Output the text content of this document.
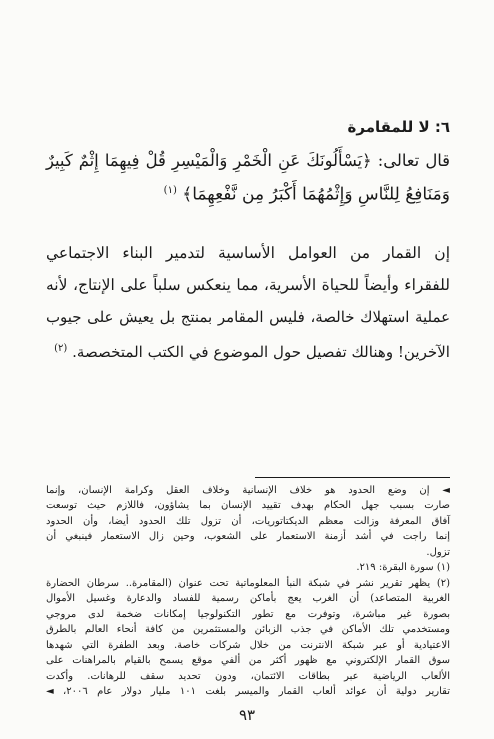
٦: لا للمقامرة
قال تعالى: ﴿يَسْأَلُونَكَ عَنِ الْخَمْرِ وَالْمَيْسِرِ قُلْ فِيهِمَا إِثْمٌ كَبِيرٌ
وَمَنَافِعُ لِلنَّاسِ وَإِثْمُهُمَا أَكْبَرُ مِن نَّفْعِهِمَا﴾ $^{(١)}$
إن القمار من العوامل الأساسية لتدمير البناء الاجتماعي
للفقراء وأيضاً للحياة الأسرية، مما ينعكس سلباً على الإنتاج، لأنه
عملية استهلاك خالصة، فليس المقامر بمنتج بل يعيش على جيوب
الآخرين! وهنالك تفصيل حول الموضوع في الكتب المتخصصة. $^{(٢)}$
◄ إن وضع الحدود هو خلاف الإنسانية وخلاف العقل وكرامة الإنسان، وإنما
صارت بسبب جهل الحكام بهدف تقييد الإنسان بما يشاؤون، فاللازم حيث توسعت
آفاق المعرفة وزالت معظم الديكتاتوريات، أن تزول تلك الحدود أيضا، وأن الحدود
إنما راجت في أشد أزمنة الاستعمار على الشعوب، وحين زال الاستعمار فينبغي أن
تزول.
(١) سورة البقرة: ٢١٩.
(٢) يظهر تقرير نشر في شبكة النبأ المعلوماتية تحت عنوان (المقامرة.. سرطان الحضارة
الغربية المتصاعد) أن الغرب يعج بأماكن رسمية للفساد والدعارة وغسيل الأموال
بصورة غير مباشرة، وتوفرت مع تطور التكنولوجيا إمكانات ضخمة لدى مروجي
ومستخدمي تلك الأماكن في جذب الزبائن والمستثمرين من كافة أنحاء العالم بالطرق
الاعتيادية أو عبر شبكة الانترنت من خلال شركات خاصة. وبعد الطفرة التي شهدها
سوق القمار الإلكتروني مع ظهور أكثر من ألفي موقع يسمح بالقيام بالمراهنات على
الألعاب الرياضية عبر بطاقات الائتمان، ودون تحديد سقف للرهانات. وأكدت
تقارير دولية أن عوائد ألعاب القمار والميسر بلغت ١٠١ مليار دولار عام ٢٠٠٦، ◄
٩٣
